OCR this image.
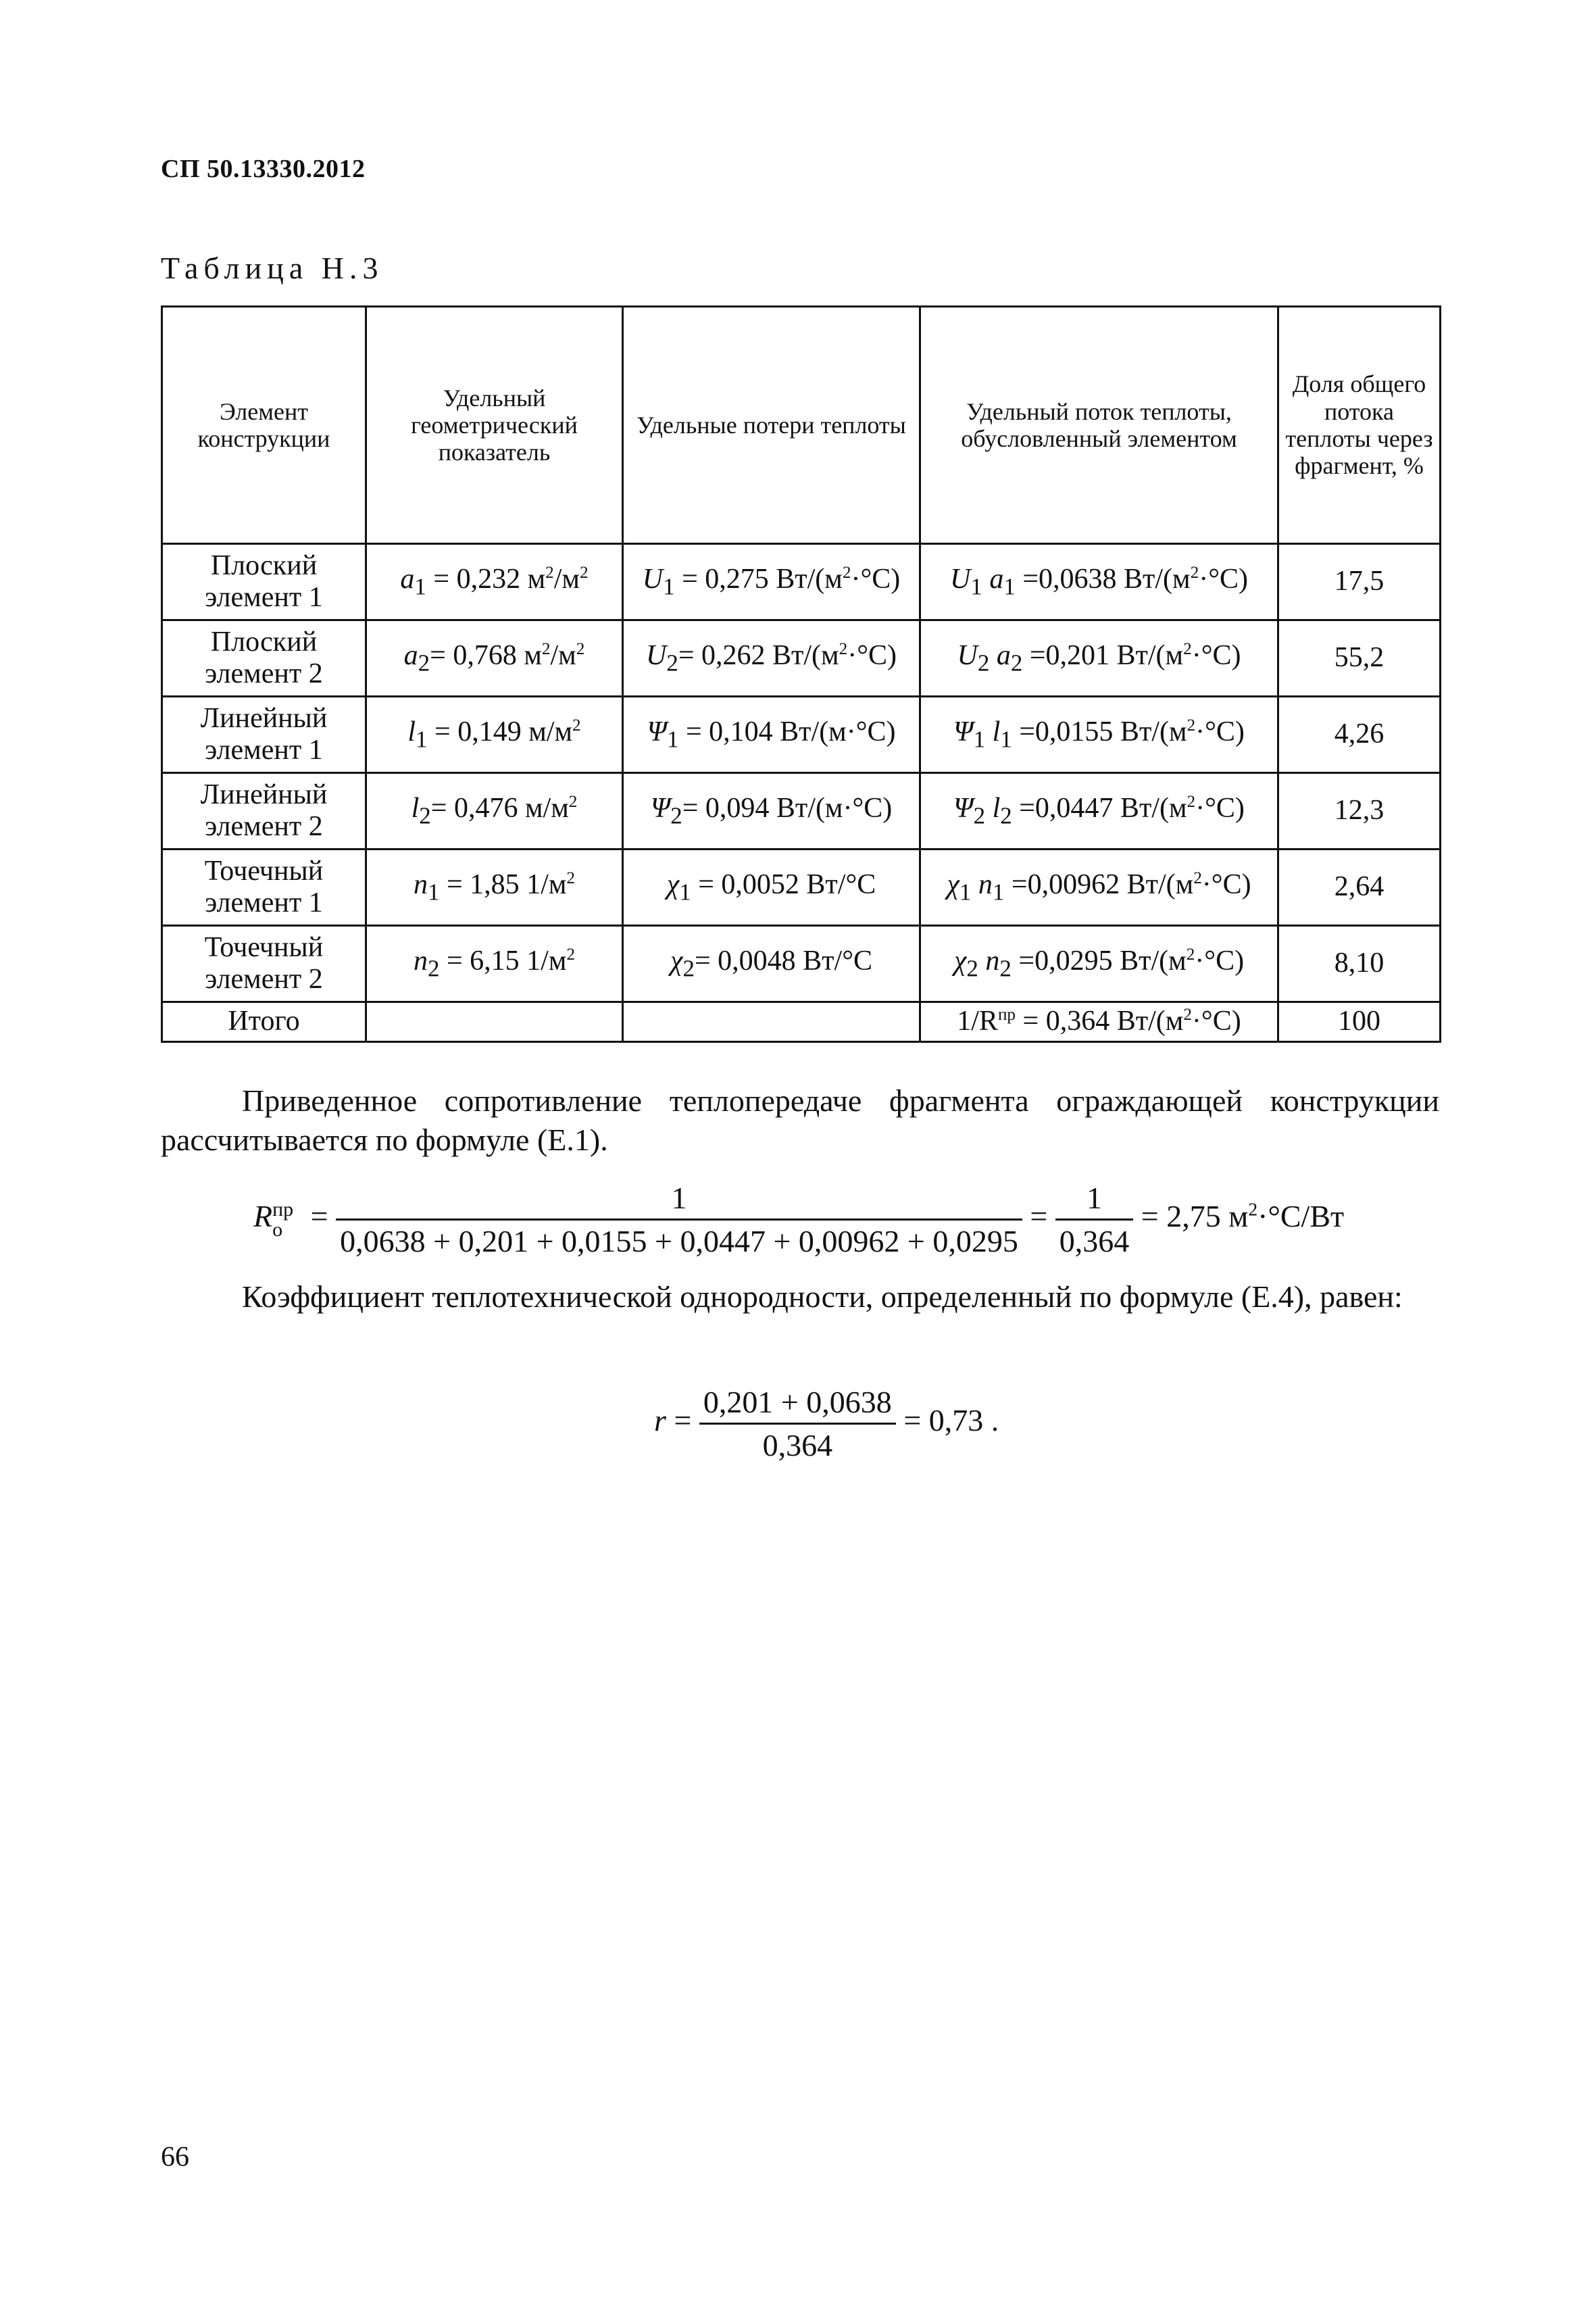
СП 50.13330.2012
Таблица Н.3
Элемент конструкции	Удельный геометрический показатель	Удельные потери теплоты	Удельный поток теплоты, обусловленный элементом	Доля общего потока теплоты через фрагмент, %
Плоский элемент 1	$a_1 = 0,232$ $м^2/м^2$	$U_1 = 0,275$ $Вт/(м^2\cdot^\circ С)$	$U_1$ $a_1 =0,0638$ $Вт/(м^2\cdot^\circ С)$	17,5
Плоский элемент 2	$a_2= 0,768$ $м^2/м^2$	$U_2= 0,262$ $Вт/(м^2\cdot^\circ С)$	$U_2$ $a_2 =0,201$ $Вт/(м^2\cdot^\circ С)$	55,2
Линейный элемент 1	$l_1 = 0,149$ $м/м^2$	$\Psi_1 = 0,104$ Вт/(м·°С)	$\Psi_1$ $l_1 =0,0155$ $Вт/(м^2\cdot^\circ С)$	4,26
Линейный элемент 2	$l_2= 0,476$ $м/м^2$	$\Psi_2= 0,094$ Вт/(м·°С)	$\Psi_2$ $l_2 =0,0447$ $Вт/(м^2\cdot^\circ С)$	12,3
Точечный элемент 1	$n_1 = 1,85$ $1/м^2$	$\chi_1 = 0,0052$ Вт/°С	$\chi_1$ $n_1 =0,00962$ $Вт/(м^2\cdot^\circ С)$	2,64
Точечный элемент 2	$n_2 = 6,15$ $1/м^2$	$\chi_2= 0,0048$ Вт/°С	$\chi_2$ $n_2 =0,0295$ $Вт/(м^2\cdot^\circ С)$	8,10
Итого			$1/R^{пр} = 0,364$ $Вт/(м^2\cdot^\circ С)$	100
Приведенное сопротивление теплопередаче фрагмента ограждающей конструкции рассчитывается по формуле (Е.1).
R пр
$о = \frac{1}{0,0638 + 0,201 + 0,0155 + 0,0447 + 0,00962 + 0,0295} = \frac{1}{0,364} = 2,75$ $м^2\cdot^\circ С/Вт$
Коэффициент теплотехнической однородности, определенный по формуле (Е.4), равен:
$r = \frac{0,201 + 0,0638}{0,364} = 0,73$ .
66
